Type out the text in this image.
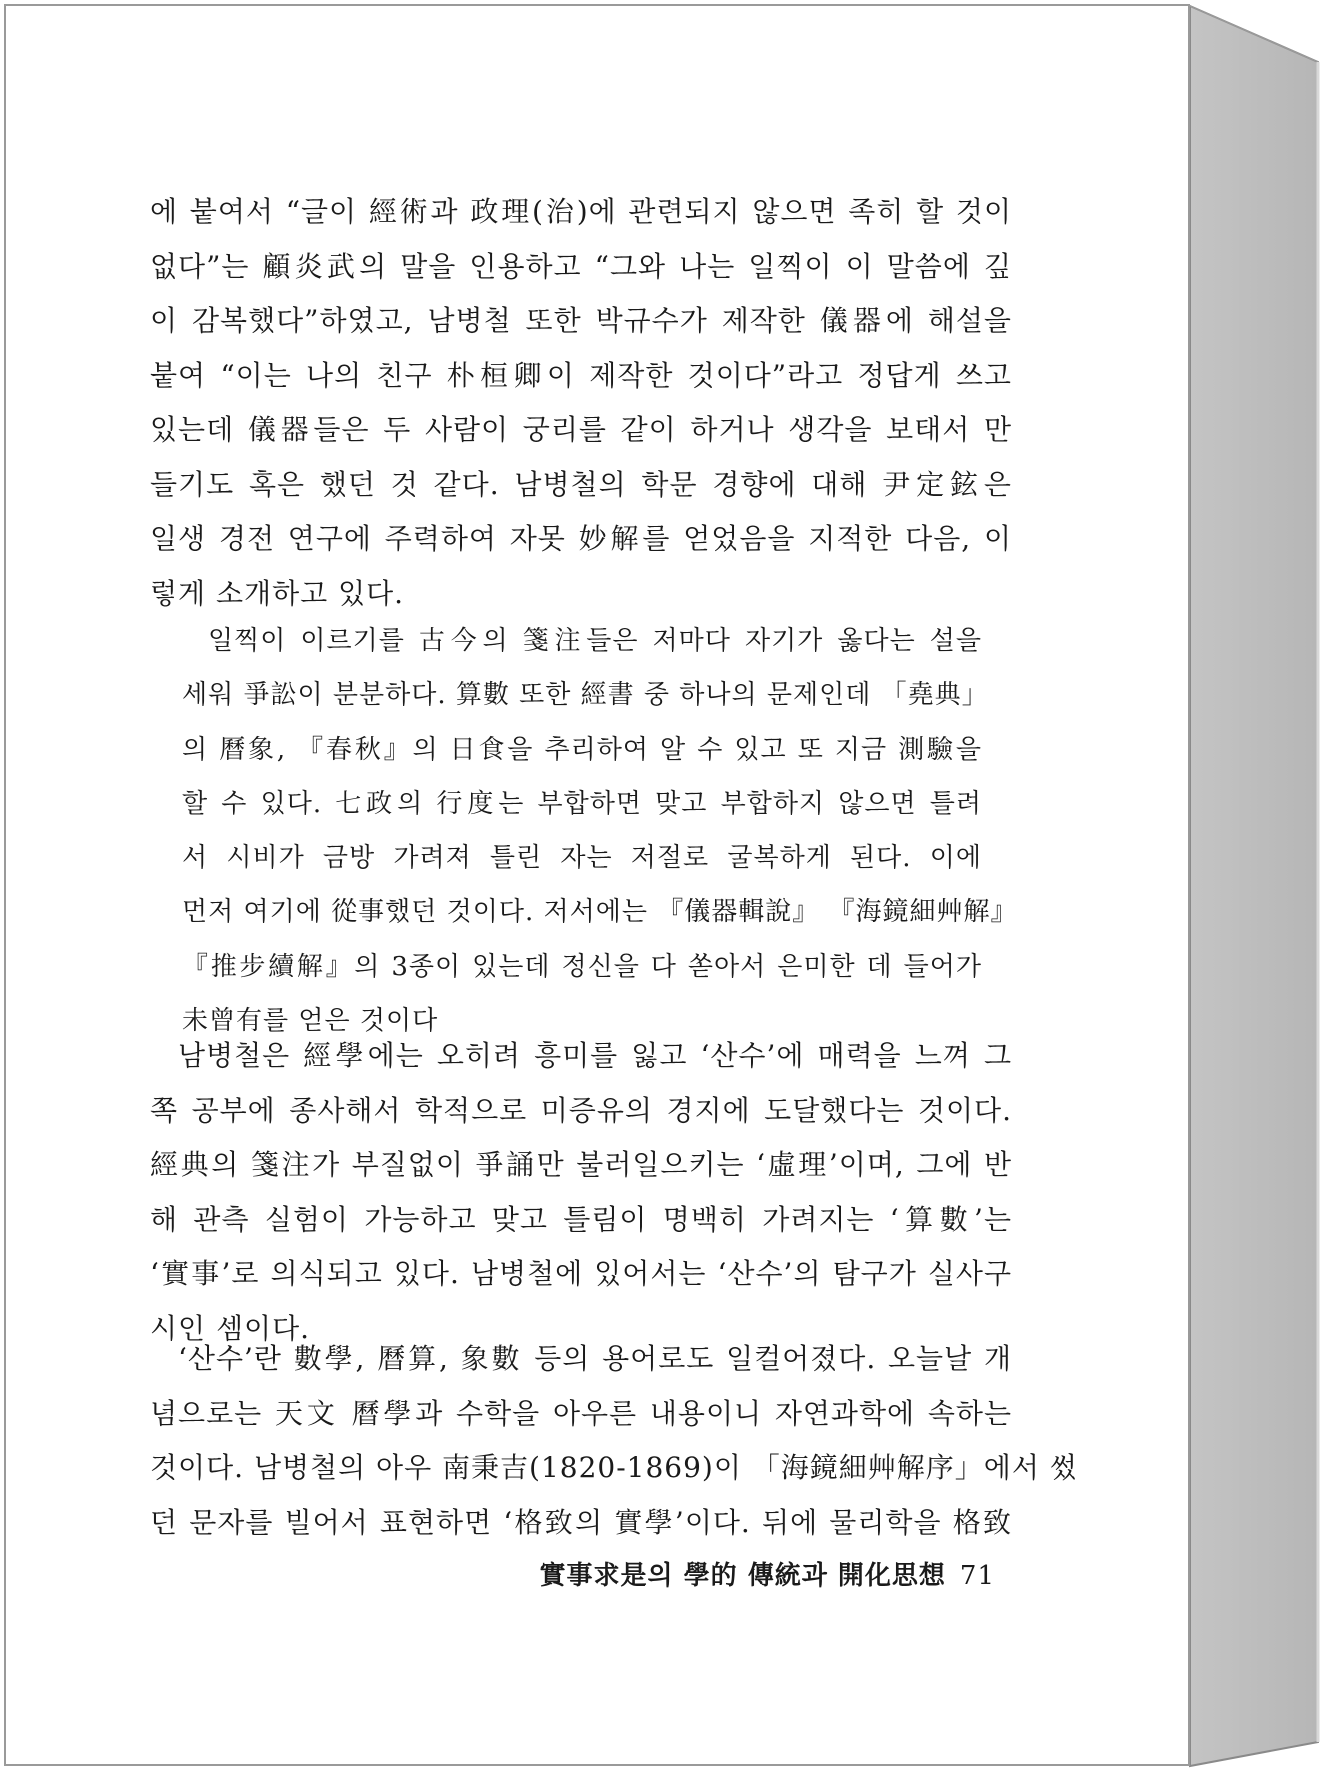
에 붙여서 “글이 經術과 政理(治)에 관련되지 않으면 족히 할 것이
없다”는 顧炎武의 말을 인용하고 “그와 나는 일찍이 이 말씀에 깊
이 감복했다”하였고, 남병철 또한 박규수가 제작한 儀器에 해설을
붙여 “이는 나의 친구 朴桓卿이 제작한 것이다”라고 정답게 쓰고
있는데 儀器들은 두 사람이 궁리를 같이 하거나 생각을 보태서 만
들기도 혹은 했던 것 같다. 남병철의 학문 경향에 대해 尹定鉉은
일생 경전 연구에 주력하여 자못 妙解를 얻었음을 지적한 다음, 이
렇게 소개하고 있다.
일찍이 이르기를 古今의 箋注들은 저마다 자기가 옳다는 설을
세워 爭訟이 분분하다. 算數 또한 經書 중 하나의 문제인데 「堯典」
의 曆象, 『春秋』의 日食을 추리하여 알 수 있고 또 지금 測驗을
할 수 있다. 七政의 行度는 부합하면 맞고 부합하지 않으면 틀려
서 시비가 금방 가려져 틀린 자는 저절로 굴복하게 된다. 이에
먼저 여기에 從事했던 것이다. 저서에는 『儀器輯說』 『海鏡細艸解』
『推步續解』의 3종이 있는데 정신을 다 쏟아서 은미한 데 들어가
未曾有를 얻은 것이다
남병철은 經學에는 오히려 흥미를 잃고 ‘산수’에 매력을 느껴 그
쪽 공부에 종사해서 학적으로 미증유의 경지에 도달했다는 것이다.
經典의 箋注가 부질없이 爭誦만 불러일으키는 ‘虛理’이며, 그에 반
해 관측 실험이 가능하고 맞고 틀림이 명백히 가려지는 ‘算數’는
‘實事’로 의식되고 있다. 남병철에 있어서는 ‘산수’의 탐구가 실사구
시인 셈이다.
‘산수’란 數學, 曆算, 象數 등의 용어로도 일컬어졌다. 오늘날 개
념으로는 天文 曆學과 수학을 아우른 내용이니 자연과학에 속하는
것이다. 남병철의 아우 南秉吉(1820-1869)이 「海鏡細艸解序」에서 썼
던 문자를 빌어서 표현하면 ‘格致의 實學’이다. 뒤에 물리학을 格致
實事求是의 學的 傳統과 開化思想 71
